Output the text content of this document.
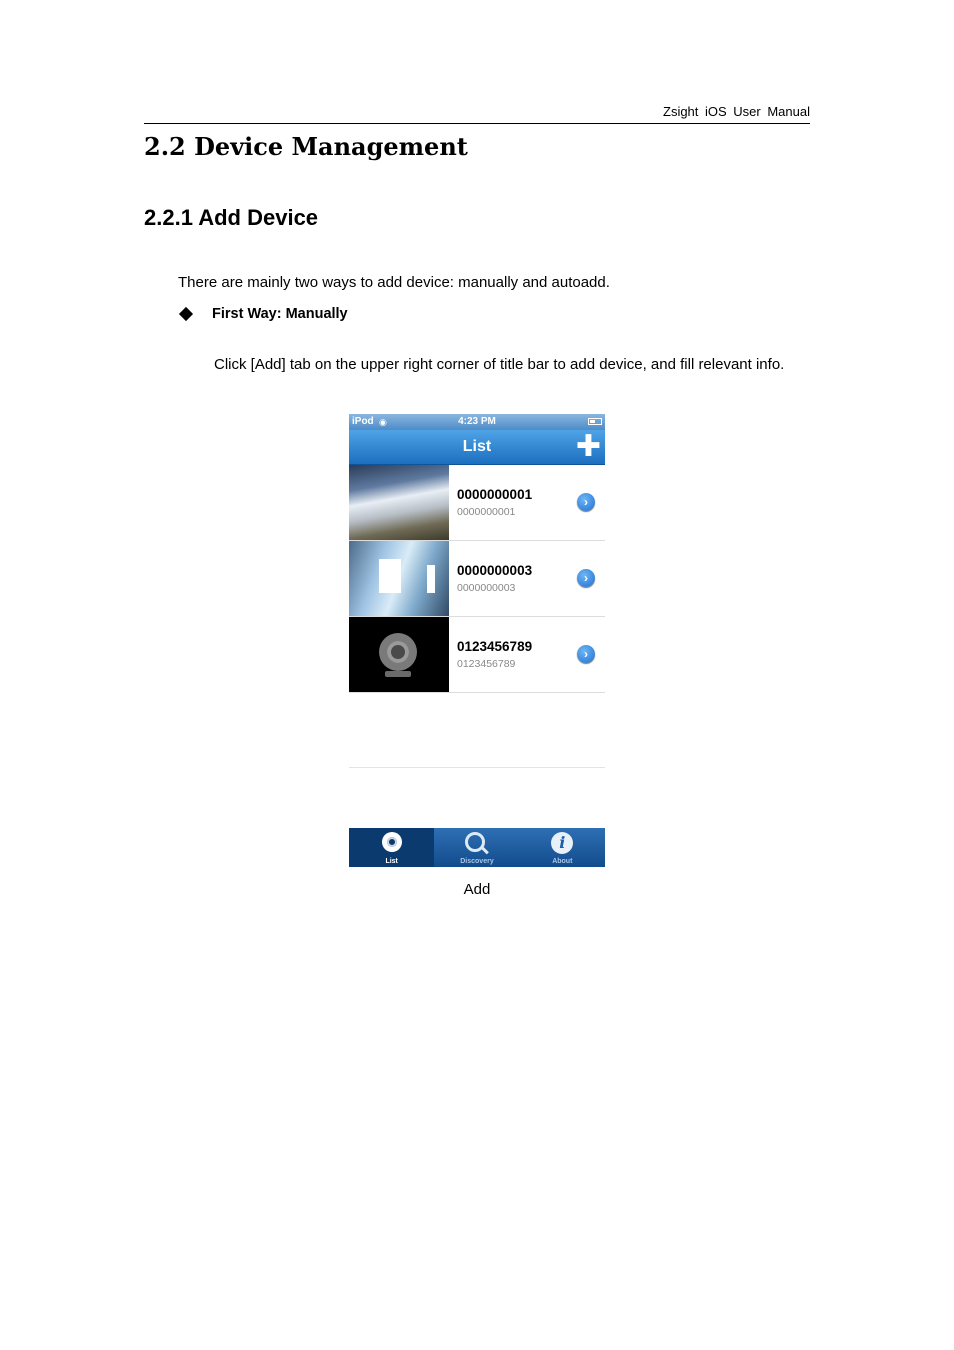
Zsight iOS User Manual
2.2 Device Management
2.2.1 Add Device
There are mainly two ways to add device: manually and autoadd.
First Way: Manually
Click [Add] tab on the upper right corner of title bar to add device, and fill relevant info.
iPod ◉	4:23 PM
List	✚
0000000001
0000000001
›
0000000003
0000000003
›
0123456789
0123456789
›
List	Discovery
i
About
Add
